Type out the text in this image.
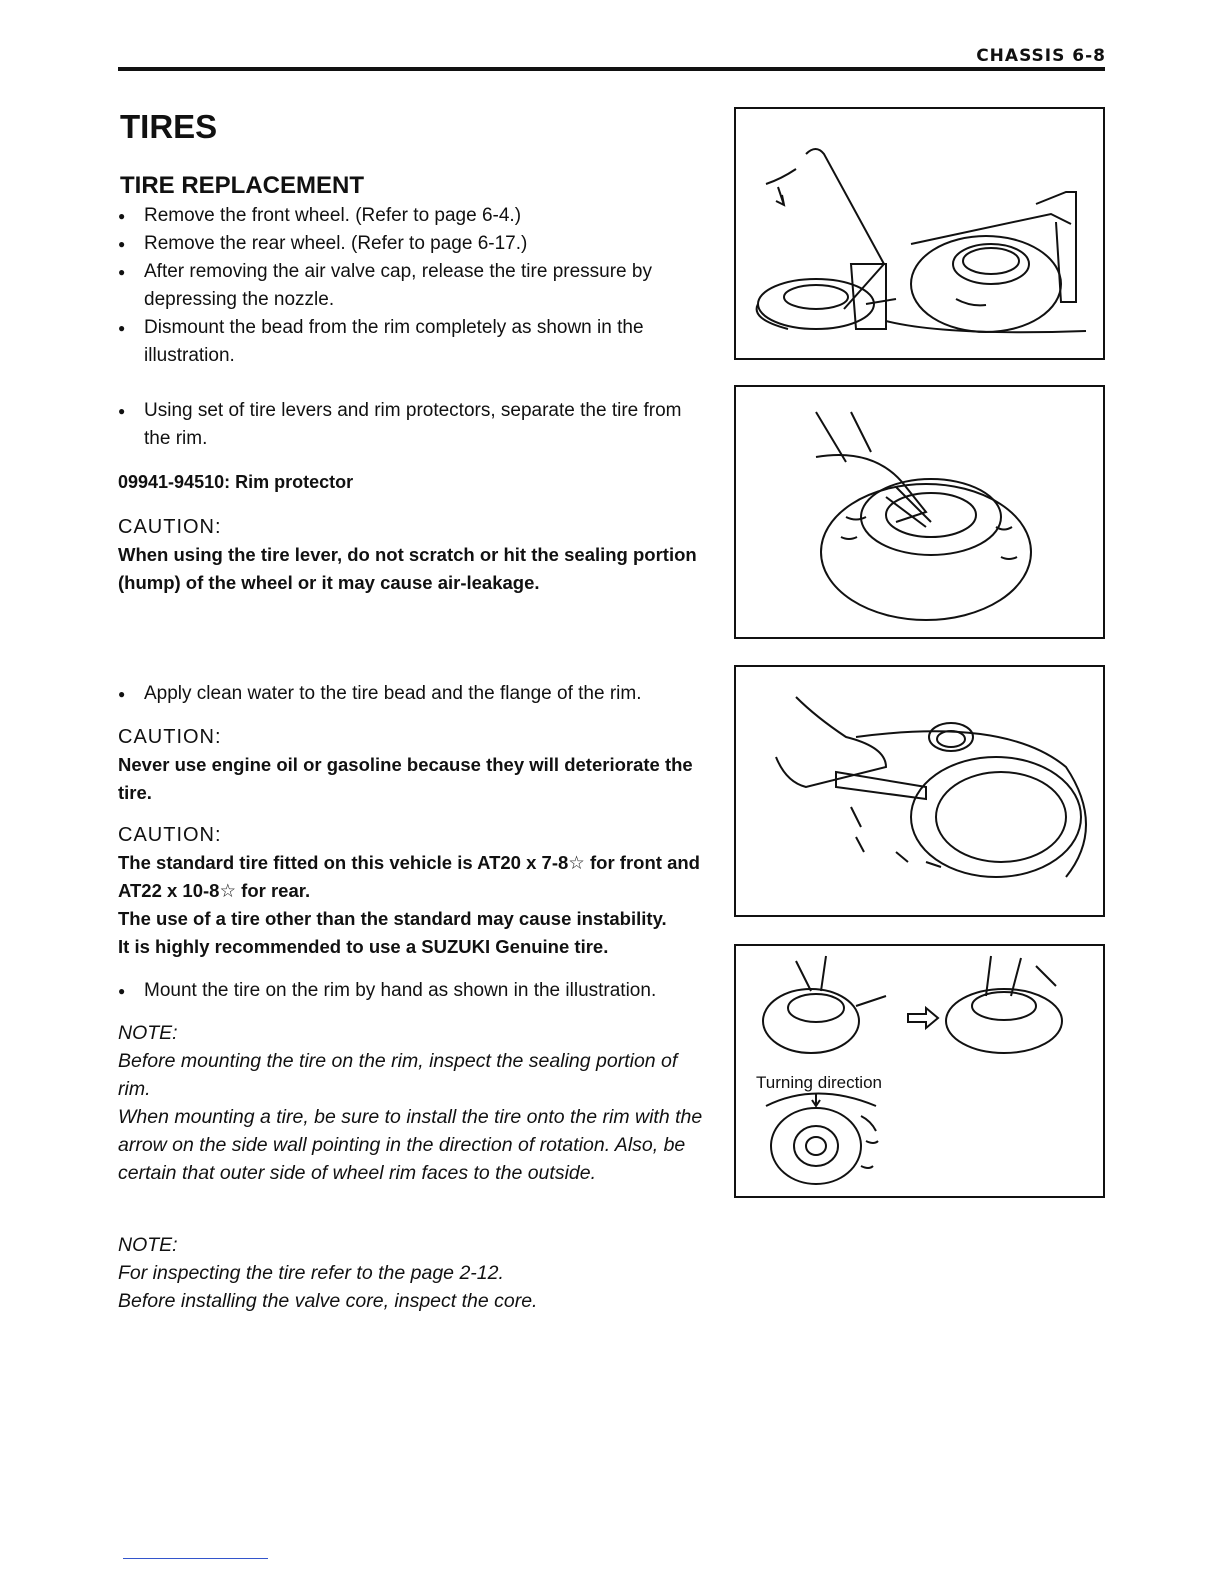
CHASSIS 6-8
TIRES
TIRE REPLACEMENT
● Remove the front wheel. (Refer to page 6-4.)
● Remove the rear wheel. (Refer to page 6-17.)
● After removing the air valve cap, release the tire pressure by depressing the nozzle.
● Dismount the bead from the rim completely as shown in the illustration.
● Using set of tire levers and rim protectors, separate the tire from the rim.
09941-94510: Rim protector
CAUTION:
When using the tire lever, do not scratch or hit the sealing portion (hump) of the wheel or it may cause air-leakage.
● Apply clean water to the tire bead and the flange of the rim.
CAUTION:
Never use engine oil or gasoline because they will deteriorate the tire.
CAUTION:
The standard tire fitted on this vehicle is AT20 x 7-8☆ for front and AT22 x 10-8☆ for rear.
The use of a tire other than the standard may cause instability.
It is highly recommended to use a SUZUKI Genuine tire.
● Mount the tire on the rim by hand as shown in the illustration.
NOTE:
Before mounting the tire on the rim, inspect the sealing portion of rim.
When mounting a tire, be sure to install the tire onto the rim with the arrow on the side wall pointing in the direction of rotation. Also, be certain that outer side of wheel rim faces to the outside.
NOTE:
For inspecting the tire refer to the page 2-12.
Before installing the valve core, inspect the core.
Turning direction
